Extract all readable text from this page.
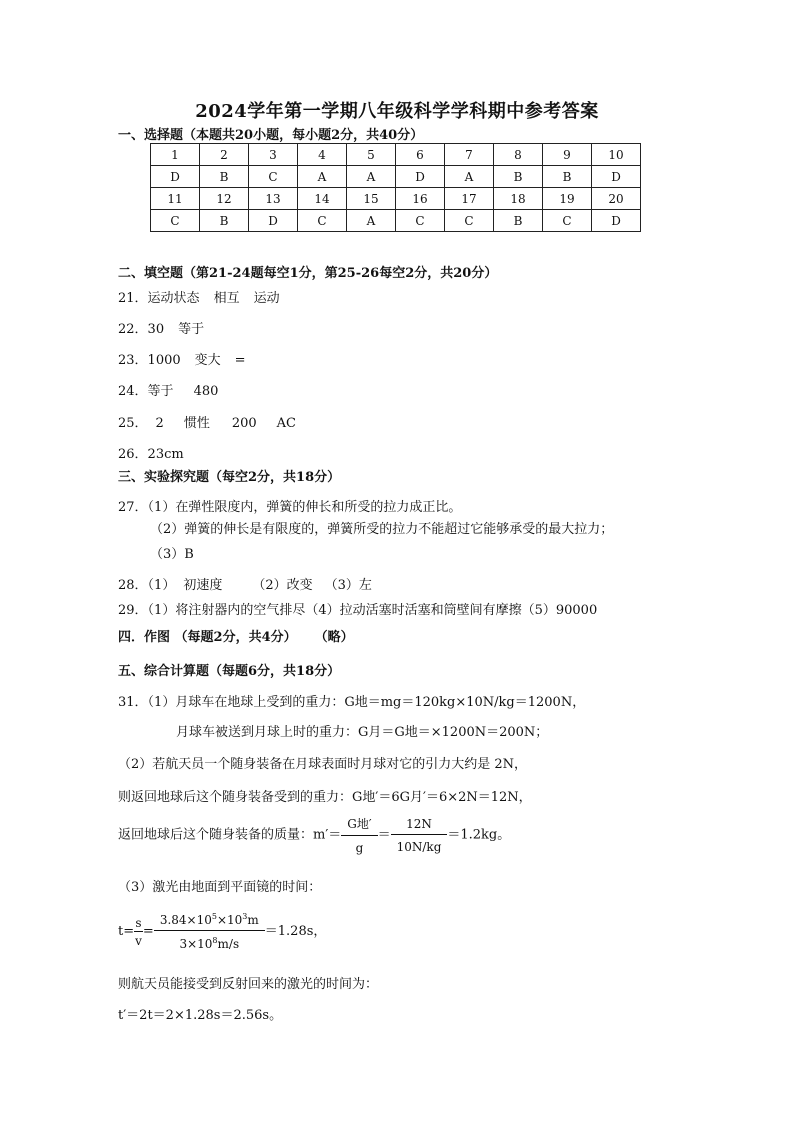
2024学年第一学期八年级科学学科期中参考答案
一、选择题（本题共20小题，每小题2分，共40分）
1	2	3	4	5	6	7	8	9	10
D	B	C	A	A	D	A	B	B	D
11	12	13	14	15	16	17	18	19	20
C	B	D	C	A	C	C	B	C	D
二、填空题（第21-24题每空1分，第25-26每空2分，共20分）
21．运动状态 相互 运动
22．30 等于
23．1000 变大 =
24．等于 480
25． 2 惯性 200 AC
26．23cm
三、实验探究题（每空2分，共18分）
27．（1）在弹性限度内，弹簧的伸长和所受的拉力成正比。
（2）弹簧的伸长是有限度的，弹簧所受的拉力不能超过它能够承受的最大拉力；
（3）B
28．（1） 初速度 （2）改变 （3）左
29．（1）将注射器内的空气排尽（4）拉动活塞时活塞和筒壁间有摩擦（5）90000
四．作图 （每题2分，共4分） （略）
五、综合计算题（每题6分，共18分）
31．（1）月球车在地球上受到的重力：G地＝mg＝120kg×10N/kg＝1200N，
月球车被送到月球上时的重力：G月＝G地＝×1200N＝200N；
（2）若航天员一个随身装备在月球表面时月球对它的引力大约是 2N，
则返回地球后这个随身装备受到的重力：G地′＝6G月′＝6×2N＝12N，
返回地球后这个随身装备的质量：$m'= \frac{\text{G地′}}{g} = \frac{12N}{10N/kg} =1.2kg$。
（3）激光由地面到平面镜的时间：
$t= \frac{s}{v} = \frac{3.84\times 10^5\times 10^3m}{3\times 10^8m/s} =1.28s$，
则航天员能接受到反射回来的激光的时间为：
t′＝2t＝2×1.28s＝2.56s。
